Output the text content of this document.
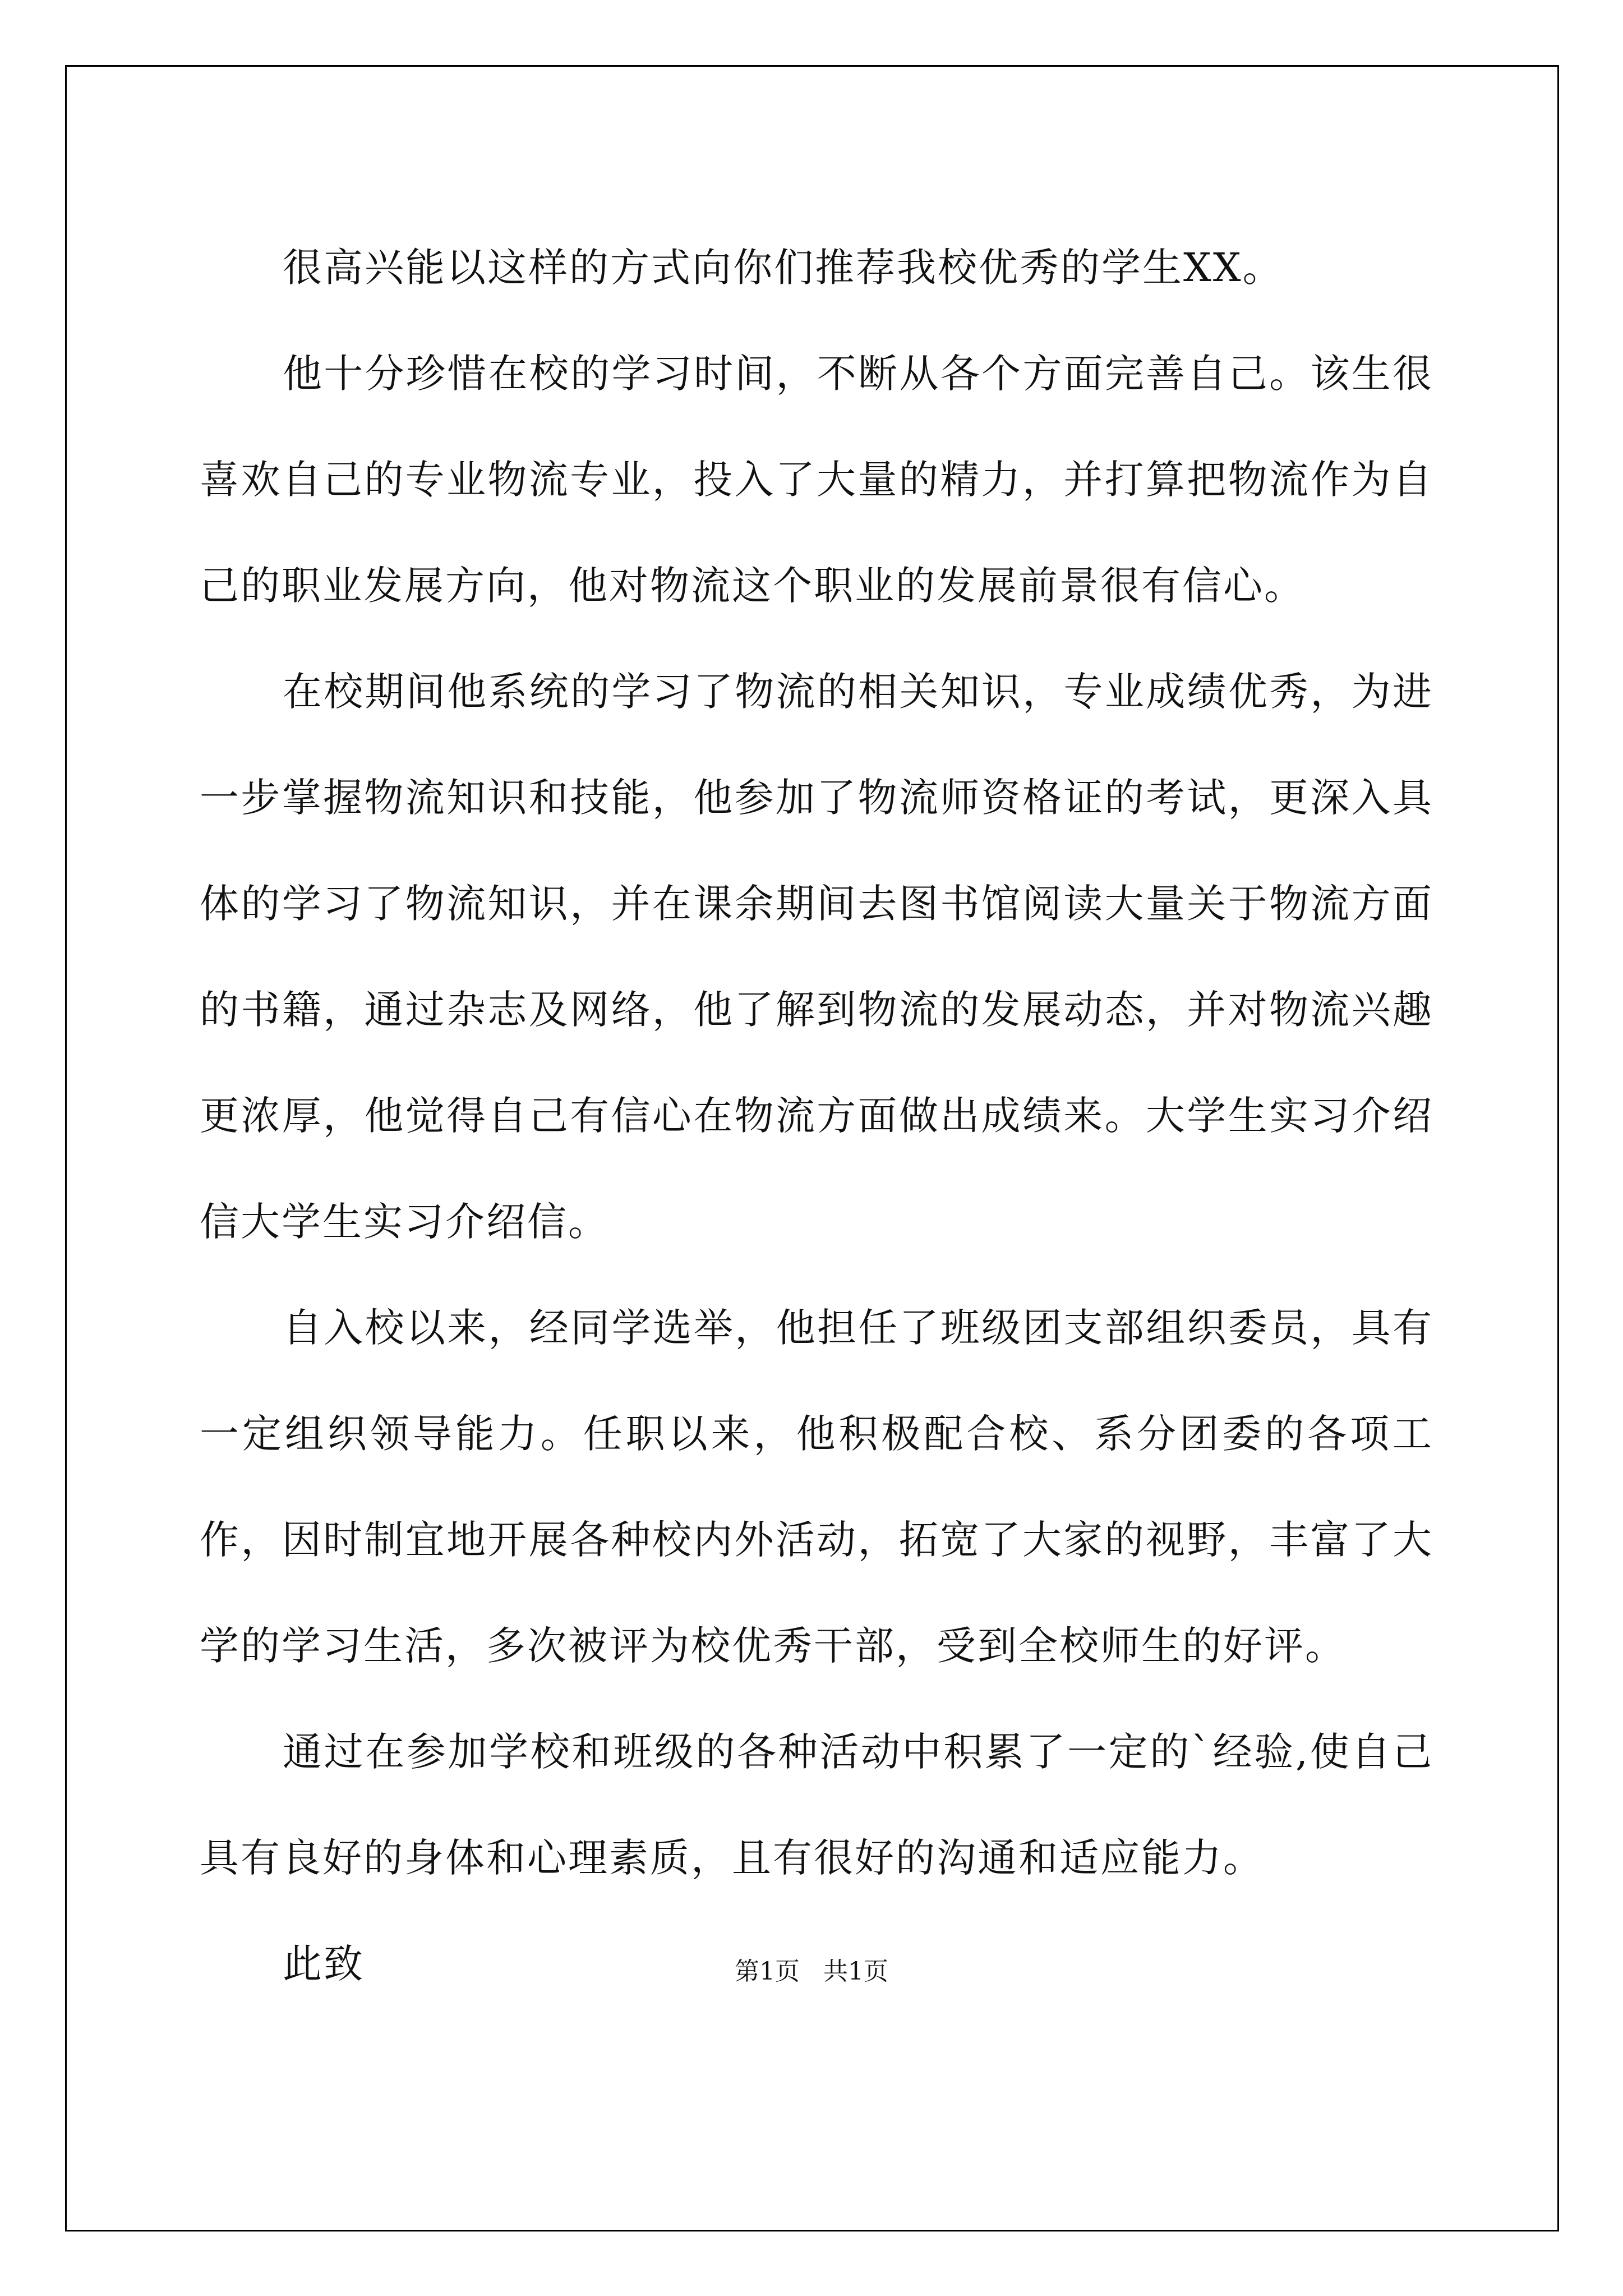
很高兴能以这样的方式向你们推荐我校优秀的学生XX。

他十分珍惜在校的学习时间，不断从各个方面完善自己。该生很喜欢自己的专业物流专业，投入了大量的精力，并打算把物流作为自己的职业发展方向，他对物流这个职业的发展前景很有信心。

在校期间他系统的学习了物流的相关知识，专业成绩优秀，为进一步掌握物流知识和技能，他参加了物流师资格证的考试，更深入具体的学习了物流知识，并在课余期间去图书馆阅读大量关于物流方面的书籍，通过杂志及网络，他了解到物流的发展动态，并对物流兴趣更浓厚，他觉得自己有信心在物流方面做出成绩来。大学生实习介绍信大学生实习介绍信。

自入校以来，经同学选举，他担任了班级团支部组织委员，具有一定组织领导能力。任职以来，他积极配合校、系分团委的各项工作，因时制宜地开展各种校内外活动，拓宽了大家的视野，丰富了大学的学习生活，多次被评为校优秀干部，受到全校师生的好评。

通过在参加学校和班级的各种活动中积累了一定的`经验,使自己具有良好的身体和心理素质，且有很好的沟通和适应能力。

此致	第1页 共1页
